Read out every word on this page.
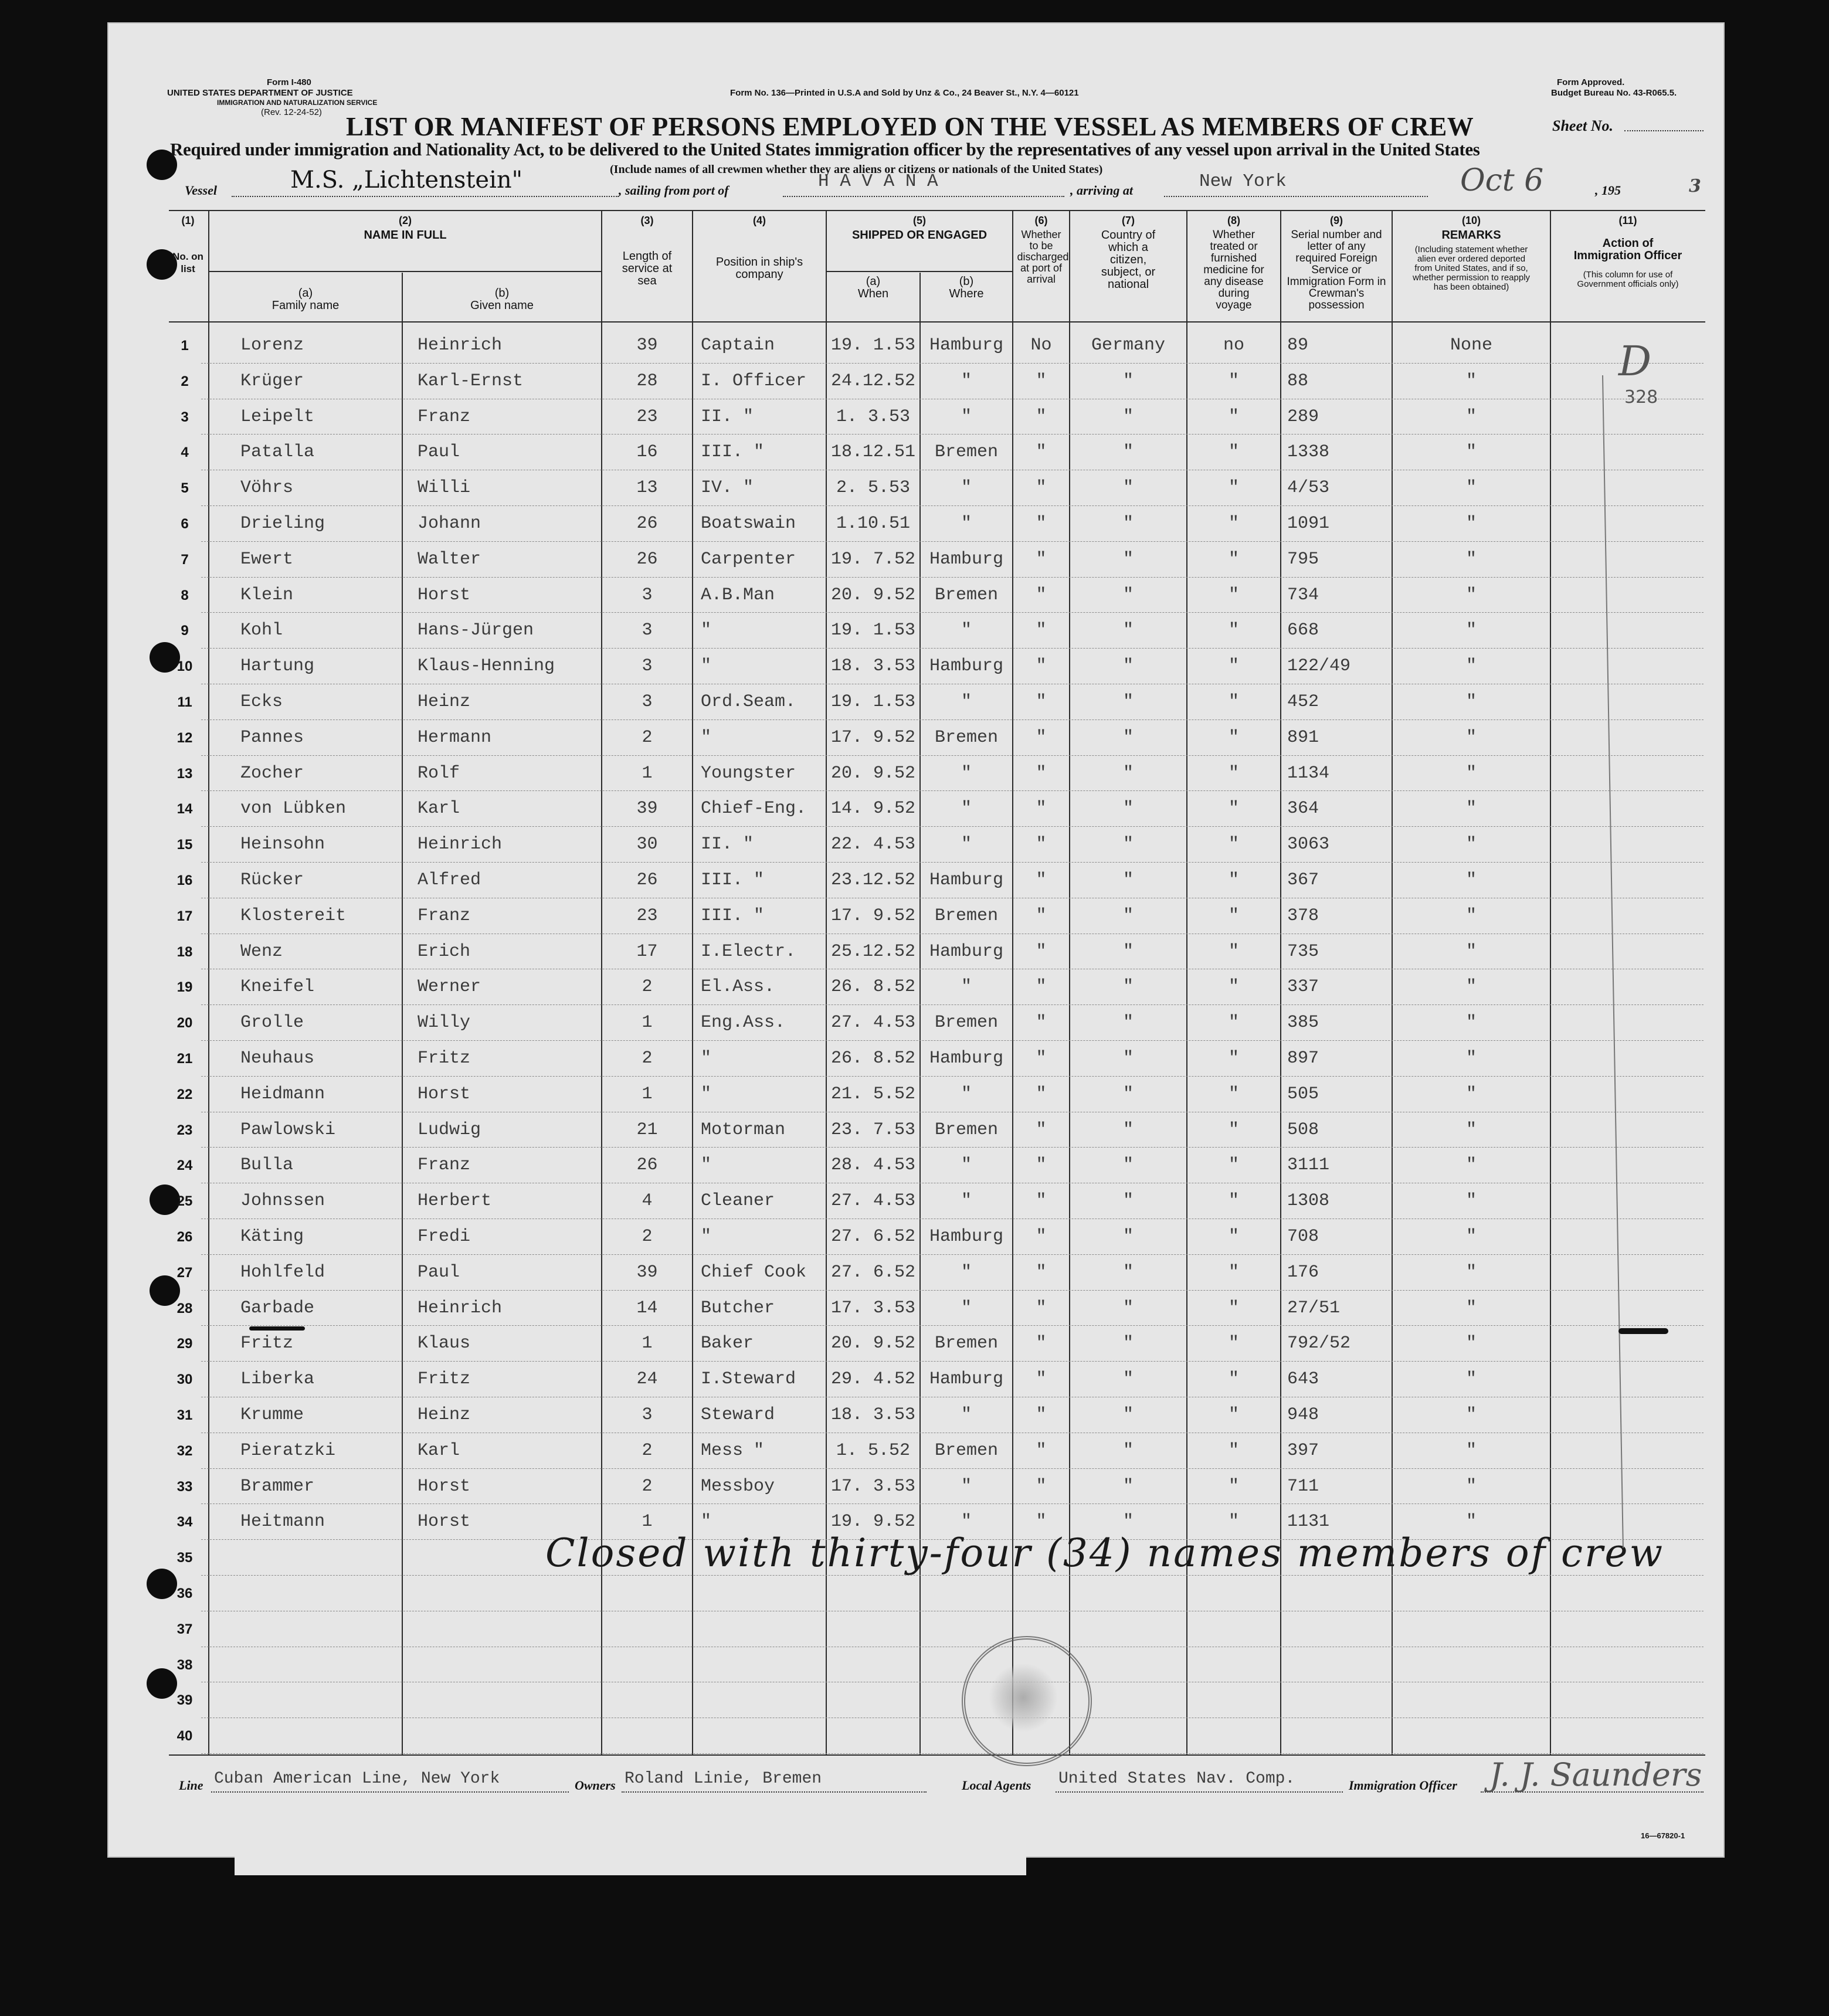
Form I-480
UNITED STATES DEPARTMENT OF JUSTICE
IMMIGRATION AND NATURALIZATION SERVICE
(Rev. 12-24-52)
Form No. 136—Printed in U.S.A and Sold by Unz & Co., 24 Beaver St., N.Y. 4—60121
Form Approved.
Budget Bureau No. 43-R065.5.
Sheet No.
LIST OR MANIFEST OF PERSONS EMPLOYED ON THE VESSEL AS MEMBERS OF CREW
Required under immigration and Nationality Act, to be delivered to the United States immigration officer by the representatives of any vessel upon arrival in the United States
(Include names of all crewmen whether they are aliens or citizens or nationals of the United States)
Vessel	M.S. „Lichtenstein"	, sailing from port of	H A V A N A	, arriving at	New York	Oct 6	, 195	3
(1)
No. on list
(2)
NAME IN FULL
(a)
Family name
(b)
Given name
(3)
Length of service at sea
(4)
Position in ship's company
(5)
SHIPPED OR ENGAGED
(a)
When
(b)
Where
(6)
Whether to be discharged at port of arrival
(7)
Country of which a citizen, subject, or national
(8)
Whether treated or furnished medicine for any disease during voyage
(9)
Serial number and letter of any required Foreign Service or Immigration Form in Crewman's possession
(10)
REMARKS
(Including statement whether alien ever ordered deported from United States, and if so, whether permission to reapply has been obtained)
(11)
Action of Immigration Officer
(This column for use of Government officials only)
1	Lorenz	Heinrich	39	Captain	19. 1.53 Hamburg	No	Germany	no	89	None
2	Krüger	Karl-Ernst	28	I. Officer	24.12.52	"	"	"	"	88	"
3	Leipelt	Franz	23	II. "	1. 3.53	"	"	"	"	289	"
4	Patalla	Paul	16	III. "	18.12.51	Bremen	"	"	"	1338	"
5	Vöhrs	Willi	13	IV. "	2. 5.53	"	"	"	"	4/53	"
6	Drieling	Johann	26	Boatswain	1.10.51	"	"	"	"	1091	"
7	Ewert	Walter	26	Carpenter	19. 7.52 Hamburg	"	"	"	795	"
8	Klein	Horst	3	A.B.Man	20. 9.52	Bremen	"	"	"	734	"
9	Kohl	Hans-Jürgen	3	"	19. 1.53	"	"	"	"	668	"
10	Hartung	Klaus-Henning	3	"	18. 3.53 Hamburg	"	"	"	122/49	"
11	Ecks	Heinz	3	Ord.Seam.	19. 1.53	"	"	"	"	452	"
12	Pannes	Hermann	2	"	17. 9.52	Bremen	"	"	"	891	"
13	Zocher	Rolf	1	Youngster	20. 9.52	"	"	"	"	1134	"
14	von Lübken	Karl	39	Chief-Eng.	14. 9.52	"	"	"	"	364	"
15	Heinsohn	Heinrich	30	II. "	22. 4.53	"	"	"	"	3063	"
16	Rücker	Alfred	26	III. "	23.12.52 Hamburg	"	"	"	367	"
17	Klostereit	Franz	23	III. "	17. 9.52	Bremen	"	"	"	378	"
18	Wenz	Erich	17	I.Electr.	25.12.52 Hamburg	"	"	"	735	"
19	Kneifel	Werner	2	El.Ass.	26. 8.52	"	"	"	"	337	"
20	Grolle	Willy	1	Eng.Ass.	27. 4.53	Bremen	"	"	"	385	"
21	Neuhaus	Fritz	2	"	26. 8.52 Hamburg	"	"	"	897	"
22	Heidmann	Horst	1	"	21. 5.52	"	"	"	"	505	"
23	Pawlowski	Ludwig	21	Motorman	23. 7.53	Bremen	"	"	"	508	"
24	Bulla	Franz	26	"	28. 4.53	"	"	"	"	3111	"
25	Johnssen	Herbert	4	Cleaner	27. 4.53	"	"	"	"	1308	"
26	Käting	Fredi	2	"	27. 6.52 Hamburg	"	"	"	708	"
27	Hohlfeld	Paul	39	Chief Cook	27. 6.52	"	"	"	"	176	"
28	Garbade	Heinrich	14	Butcher	17. 3.53	"	"	"	"	27/51	"
29	Fritz	Klaus	1	Baker	20. 9.52	Bremen	"	"	"	792/52	"
30	Liberka	Fritz	24	I.Steward	29. 4.52 Hamburg	"	"	"	643	"
31	Krumme	Heinz	3	Steward	18. 3.53	"	"	"	"	948	"
32	Pieratzki	Karl	2	Mess "	1. 5.52	Bremen	"	"	"	397	"
33	Brammer	Horst	2	Messboy	17. 3.53	"	"	"	"	711	"
34	Heitmann	Horst	1	"	19. 9.52	"	"	"	"	1131	"
35
36
37
38
39
40
Closed with thirty-four (34) names members of crew
D
328
Line Cuban American Line, New York	Owners Roland Linie, Bremen	Local Agents United States Nav. Comp.	Immigration Officer J. J. Saunders
16—67820-1
